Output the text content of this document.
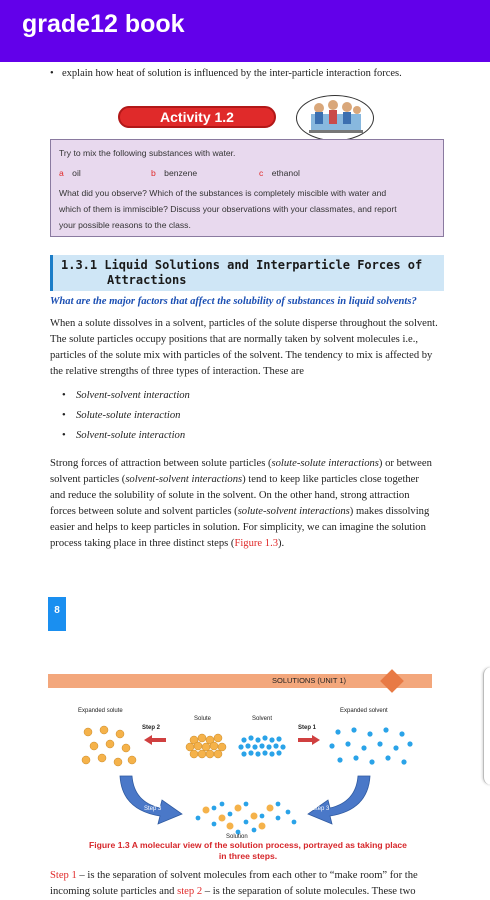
grade12 book
• explain how heat of solution is influenced by the inter-particle interaction forces.
Activity 1.2
Try to mix the following substances with water.
a oil	b benzene	c ethanol
What did you observe? Which of the substances is completely miscible with water and
which of them is immiscible? Discuss your observations with your classmates, and report
your possible reasons to the class.
1.3.1 Liquid Solutions and Interparticle Forces of
Attractions
What are the major factors that affect the solubility of substances in liquid solvents?

When a solute dissolves in a solvent, particles of the solute disperse throughout the solvent.

The solute particles occupy positions that are normally taken by solvent molecules i.e.,

particles of the solute mix with particles of the solvent. The tendency to mix is affected by

the relative strengths of three types of interaction. These are

• Solvent-solvent interaction
• Solute-solute interaction
• Solvent-solute interaction

Strong forces of attraction between solute particles (solute-solute interactions) or between

solvent particles (solvent-solvent interactions) tend to keep like particles close together

and reduce the solubility of solute in the solvent. On the other hand, strong attraction

forces between solute and solvent particles (solute-solvent interactions) makes dissolving

easier and helps to keep particles in solution. For simplicity, we can imagine the solution

process taking place in three distinct steps (Figure 1.3).

8
SOLUTIONS (UNIT 1)
Expanded solute
Solute	Solvent
Expanded solvent
Step 2	Step 1
Step 3	Step 3
Solution
Figure 1.3 A molecular view of the solution process, portrayed as taking place
in three steps.

Step 1 – is the separation of solvent molecules from each other to “make room” for the

incoming solute particles and step 2 – is the separation of solute molecules. These two
